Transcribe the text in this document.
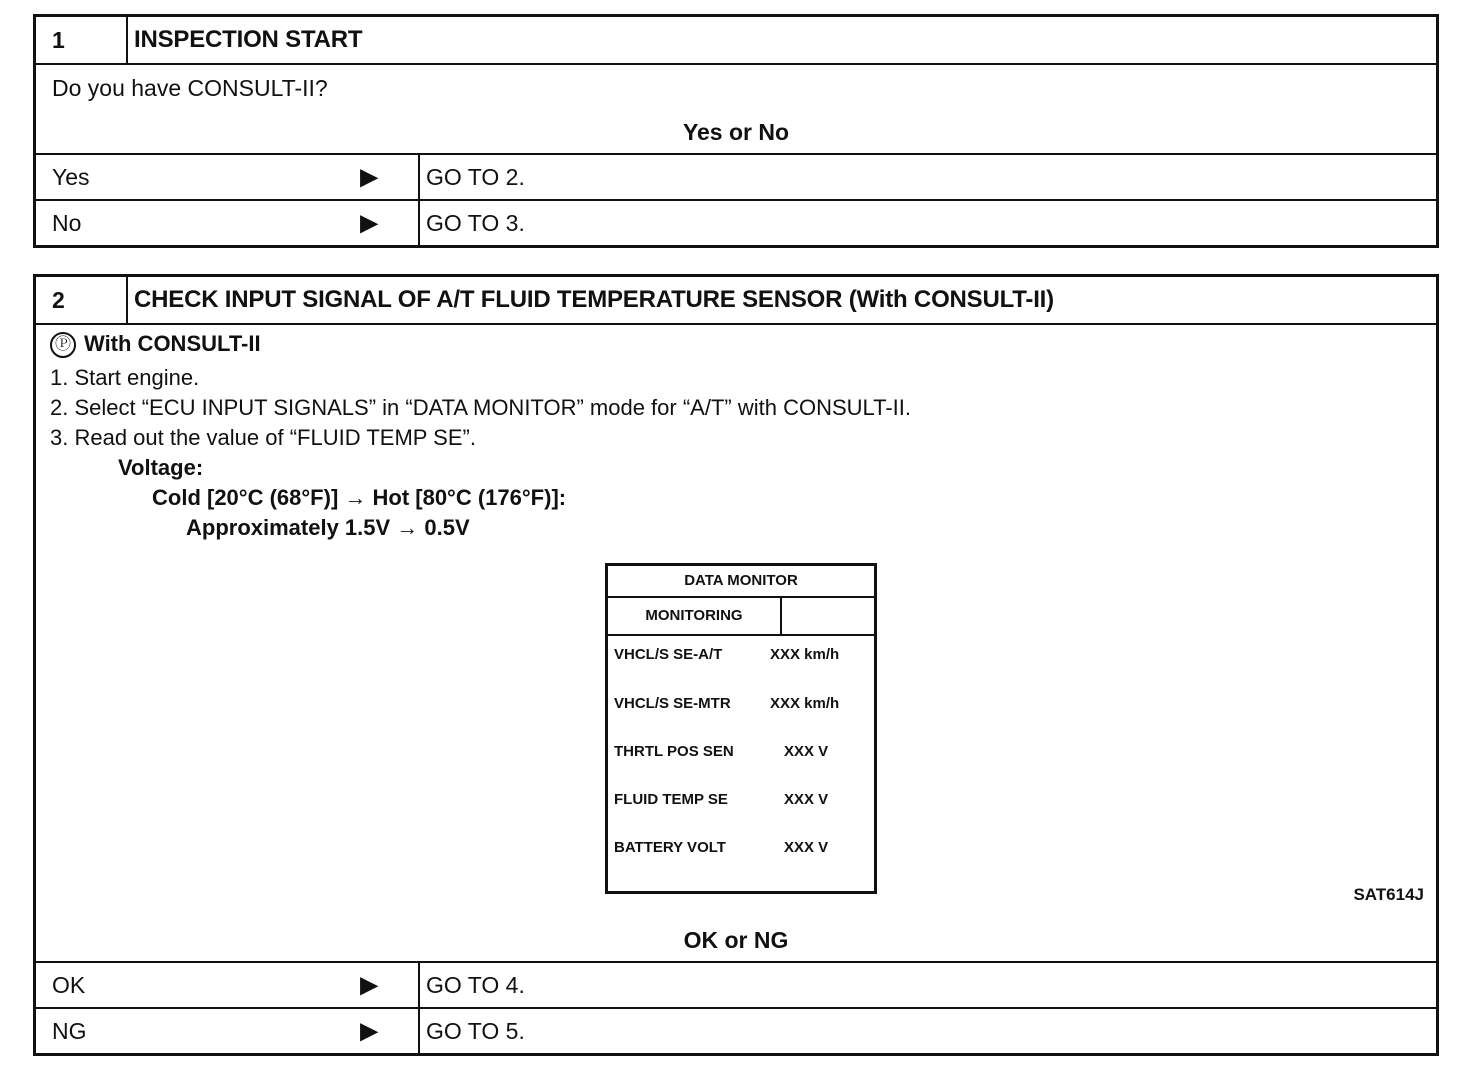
1	INSPECTION START
Do you have CONSULT-II?
Yes or No
Yes	▶ GO TO 2.
No	▶ GO TO 3.
2	CHECK INPUT SIGNAL OF A/T FLUID TEMPERATURE SENSOR (With CONSULT-II)
Ⓟ With CONSULT-II
1. Start engine.
2. Select “ECU INPUT SIGNALS” in “DATA MONITOR” mode for “A/T” with CONSULT-II.
3. Read out the value of “FLUID TEMP SE”.
Voltage:
Cold [20°C (68°F)] → Hot [80°C (176°F)]:
Approximately 1.5V → 0.5V
DATA MONITOR
MONITORING
VHCL/S SE-A/T	XXX km/h
VHCL/S SE-MTR	XXX km/h
THRTL POS SEN	XXX V
FLUID TEMP SE	XXX V
BATTERY VOLT	XXX V
SAT614J
OK or NG
OK	▶ GO TO 4.
NG	▶ GO TO 5.
